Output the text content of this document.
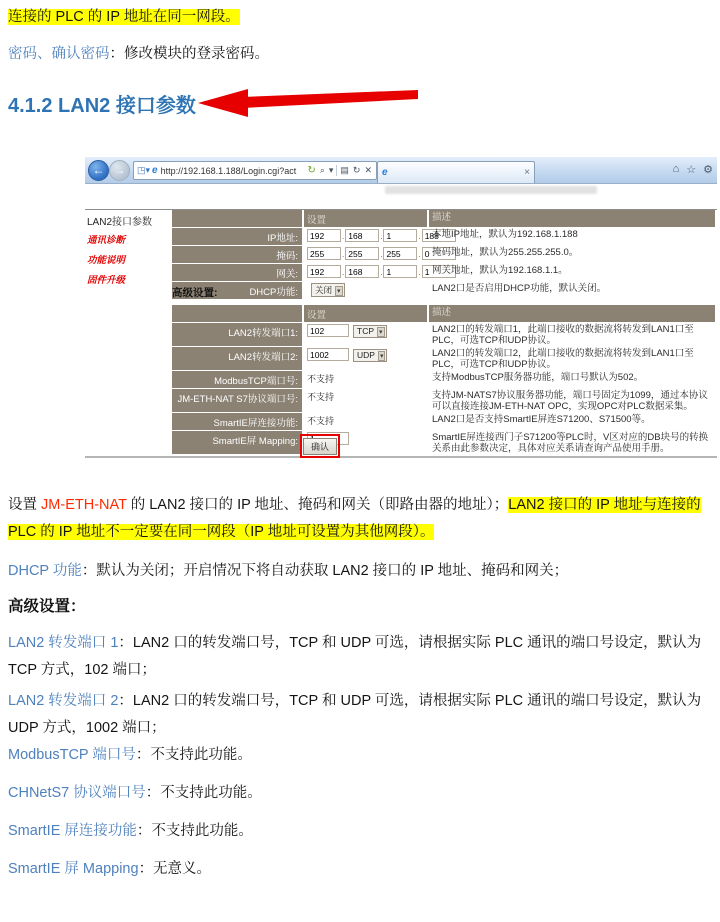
连接的 PLC 的 IP 地址在同一网段。
密码、确认密码：修改模块的登录密码。
4.1.2 LAN2 接口参数
← →	◳▾ e http://192.168.1.188/Login.cgi?act	↻ ⌕ ▾ ▤ ↻ ✕ e	×	⌂ ☆ ⚙
LAN2接口参数
通讯诊断
功能说明
固件升级
设置	描述
IP地址:
192	.168	.1	.188	本地IP地址，默认为192.168.1.188
掩码:
255	.255	.255	.0	掩码地址，默认为255.255.255.0。
网关:
192	.168	.1	.1	网关地址，默认为192.168.1.1。
DHCP功能:	关闭 ▾	LAN2口是否启用DHCP功能，默认关闭。
高级设置:
设置	描述
LAN2转发端口1:
102	TCP ▾	LAN2口的转发端口1，此端口接收的数据流将转发到LAN1口至PLC，可选TCP和UDP协议。
LAN2转发端口2:
1002	UDP ▾	LAN2口的转发端口2，此端口接收的数据流将转发到LAN1口至PLC，可选TCP和UDP协议。
ModbusTCP端口号:	不支持	支持ModbusTCP服务器功能，端口号默认为502。
JM-ETH-NAT S7协议端口号:	不支持	支持JM-NATS7协议服务器功能，端口号固定为1099，通过本协议可以直接连接JM-ETH-NAT OPC，实现OPC对PLC数据采集。
SmartIE屏连接功能:	不支持	LAN2口是否支持SmartIE屏连S71200、S71500等。
SmartIE屏 Mapping:
1	SmartIE屏连接西门子S71200等PLC时，V区对应的DB块号的转换关系由此参数决定，具体对应关系请查询产品使用手册。
确认
设置 JM-ETH-NAT 的 LAN2 接口的 IP 地址、掩码和网关（即路由器的地址）；LAN2 接口的 IP 地址与连接的 PLC 的 IP 地址不一定要在同一网段（IP 地址可设置为其他网段）。
DHCP 功能：默认为关闭；开启情况下将自动获取 LAN2 接口的 IP 地址、掩码和网关；
高级设置：
LAN2 转发端口 1：LAN2 口的转发端口号，TCP 和 UDP 可选，请根据实际 PLC 通讯的端口号设定，默认为 TCP 方式，102 端口；
LAN2 转发端口 2：LAN2 口的转发端口号，TCP 和 UDP 可选，请根据实际 PLC 通讯的端口号设定，默认为 UDP 方式，1002 端口；
ModbusTCP 端口号：不支持此功能。
CHNetS7 协议端口号：不支持此功能。
SmartIE 屏连接功能：不支持此功能。
SmartIE 屏 Mapping：无意义。
